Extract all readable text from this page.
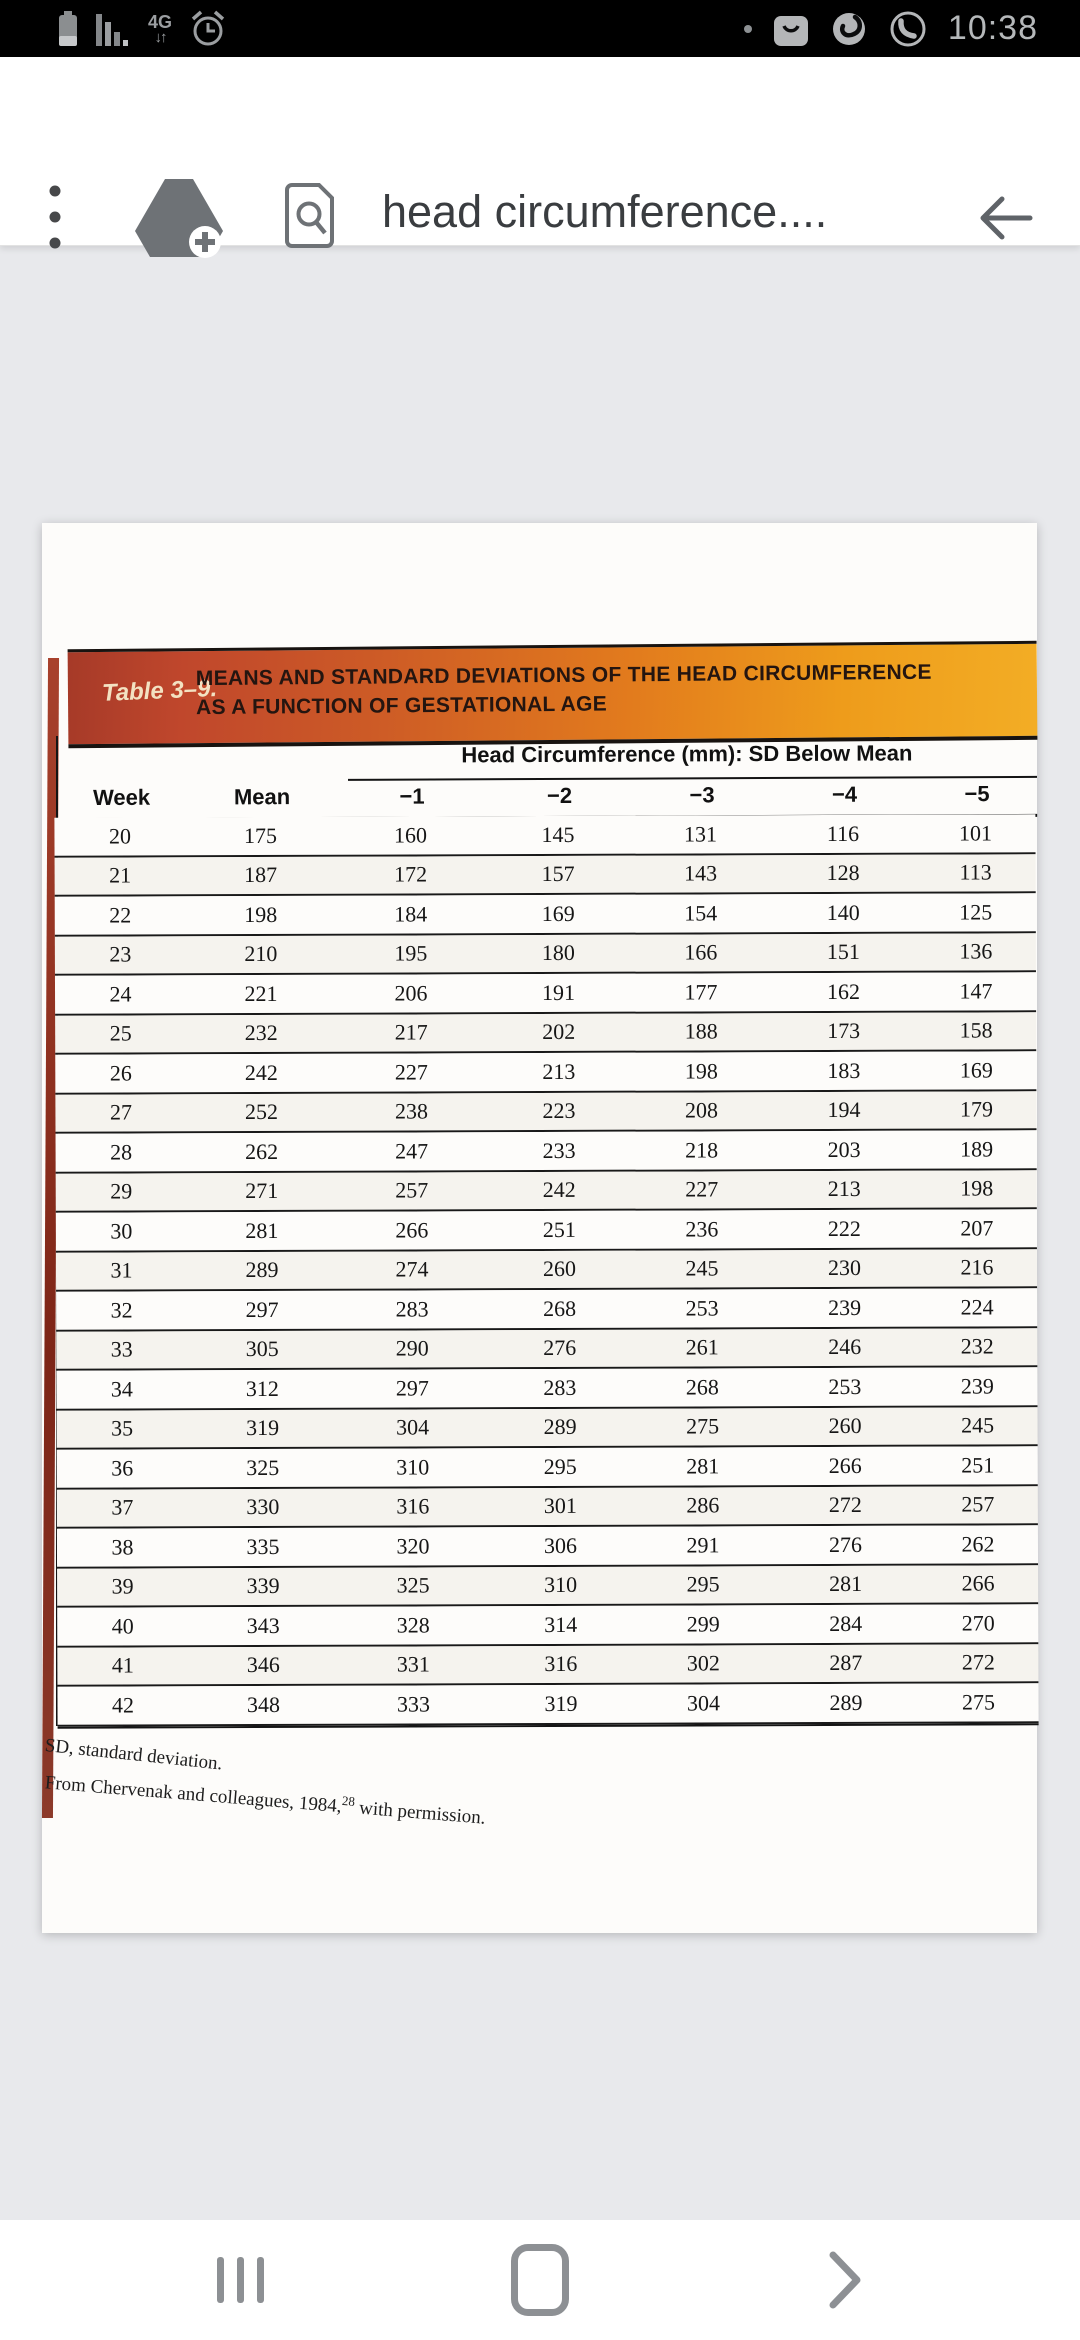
4G
↓↑	10:38
head circumference....
Table 3–9.
MEANS AND STANDARD DEVIATIONS OF THE HEAD CIRCUMFERENCE
AS A FUNCTION OF GESTATIONAL AGE
Head Circumference (mm): SD Below Mean
Week	Mean	−1	−2	−3	−4	−5
20	175	160	145	131	116	101
21	187	172	157	143	128	113
22	198	184	169	154	140	125
23	210	195	180	166	151	136
24	221	206	191	177	162	147
25	232	217	202	188	173	158
26	242	227	213	198	183	169
27	252	238	223	208	194	179
28	262	247	233	218	203	189
29	271	257	242	227	213	198
30	281	266	251	236	222	207
31	289	274	260	245	230	216
32	297	283	268	253	239	224
33	305	290	276	261	246	232
34	312	297	283	268	253	239
35	319	304	289	275	260	245
36	325	310	295	281	266	251
37	330	316	301	286	272	257
38	335	320	306	291	276	262
39	339	325	310	295	281	266
40	343	328	314	299	284	270
41	346	331	316	302	287	272
42	348	333	319	304	289	275
SD, standard deviation.
From Chervenak and colleagues, 1984,28 with permission.
